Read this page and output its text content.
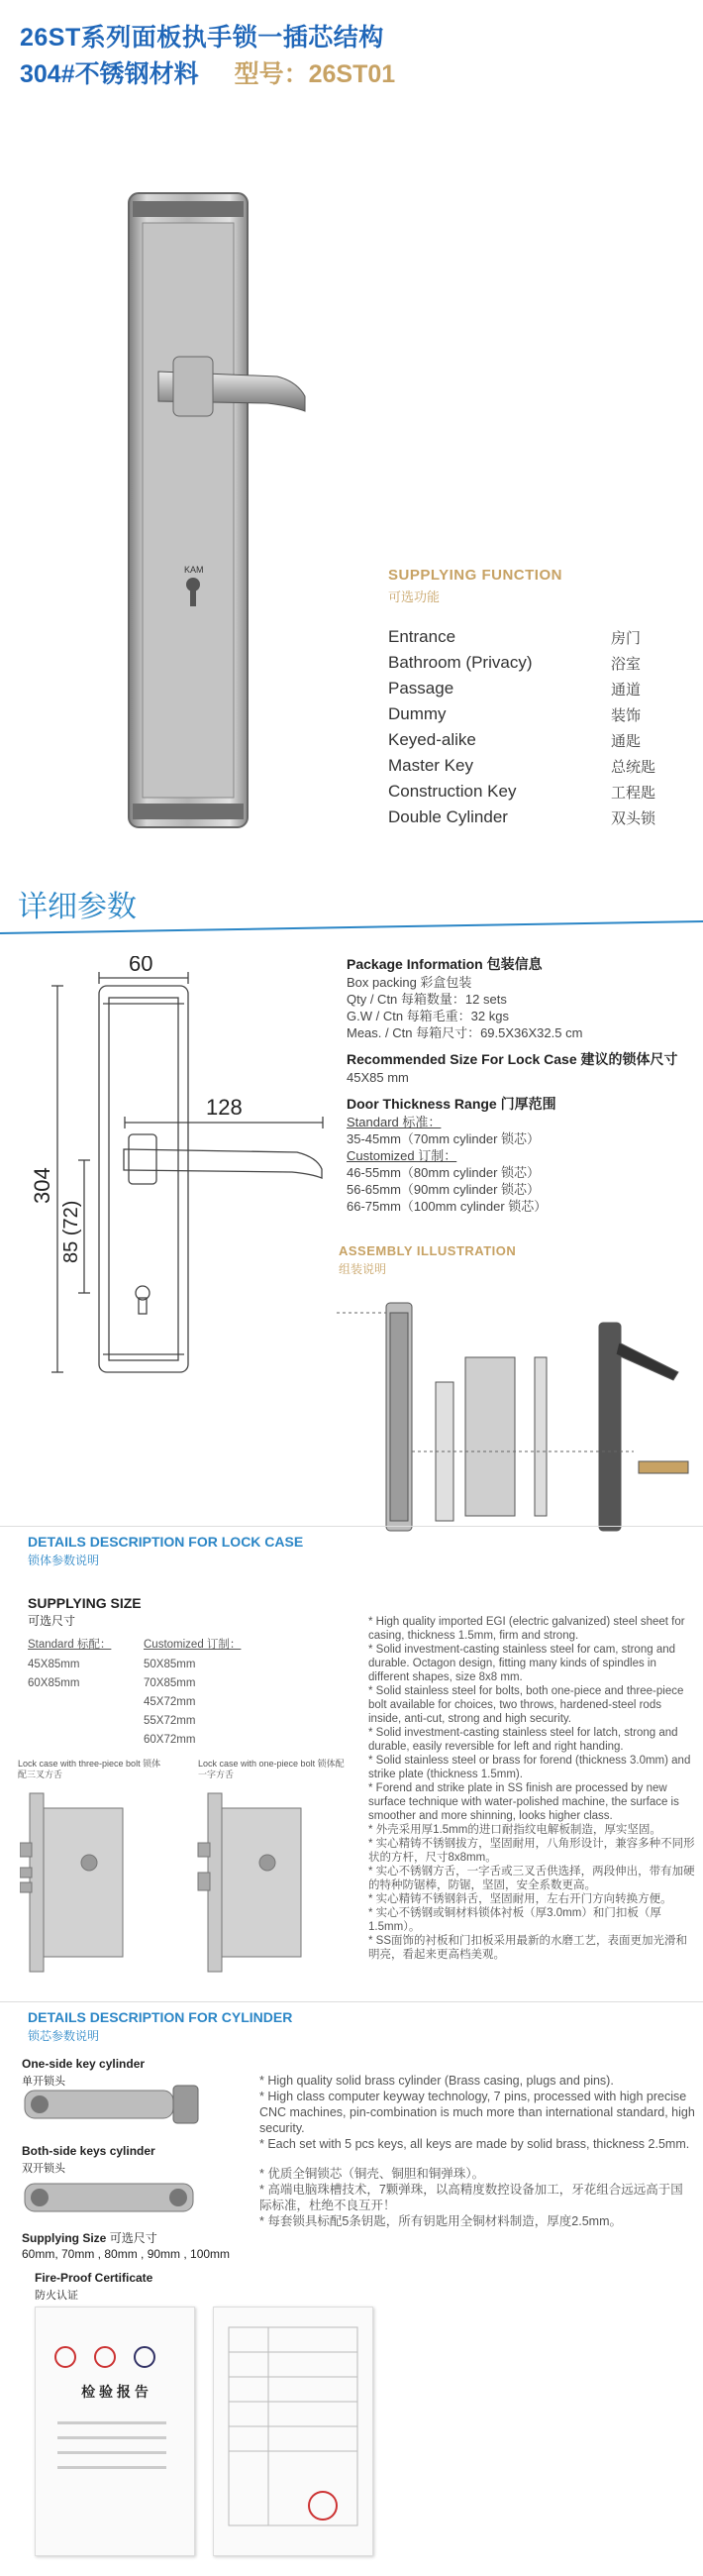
26ST系列面板执手锁一插芯结构
304#不锈钢材料 型号：26ST01
KAM	SUPPLYING FUNCTION
可选功能
Entrance	房门
Bathroom (Privacy)	浴室
Passage	通道
Dummy	装饰
Keyed-alike	通匙
Master Key	总统匙
Construction Key	工程匙
Double Cylinder	双头锁
详细参数
60
128
304
85 (72)

Package Information 包装信息

Box packing 彩盒包装

Qty / Ctn 每箱数量：12 sets

G.W / Ctn 每箱毛重：32 kgs

Meas. / Ctn 每箱尺寸：69.5X36X32.5 cm

Recommended Size For Lock Case 建议的锁体尺寸

45X85 mm

Door Thickness Range 门厚范围

Standard 标准：

35-45mm（70mm cylinder 锁芯）

Customized 订制：

46-55mm（80mm cylinder 锁芯）

56-65mm（90mm cylinder 锁芯）

66-75mm（100mm cylinder 锁芯）

ASSEMBLY ILLUSTRATION
组装说明
DETAILS DESCRIPTION FOR LOCK CASE
锁体参数说明
SUPPLYING SIZE
可选尺寸
Standard 标配：
45X85mm
60X85mm
Customized 订制：
50X85mm
70X85mm
45X72mm
55X72mm
60X72mm
Lock case with three-piece bolt 锁体配三叉方舌
Lock case with one-piece bolt 锁体配一字方舌

* High quality imported EGI (electric galvanized) steel sheet for casing, thickness 1.5mm, firm and strong.

* Solid investment-casting stainless steel for cam, strong and durable. Octagon design, fitting many kinds of spindles in different shapes, size 8x8 mm.

* Solid stainless steel for bolts, both one-piece and three-piece bolt available for choices, two throws, hardened-steel rods inside, anti-cut, strong and high security.

* Solid investment-casting stainless steel for latch, strong and durable, easily reversible for left and right handing.

* Solid stainless steel or brass for forend (thickness 3.0mm) and strike plate (thickness 1.5mm).

* Forend and strike plate in SS finish are processed by new surface technique with water-polished machine, the surface is smoother and more shinning, looks higher class.

* 外壳采用厚1.5mm的进口耐指纹电解板制造，厚实坚固。

* 实心精铸不锈钢拔方，坚固耐用，八角形设计，兼容多种不同形状的方杆，尺寸8x8mm。

* 实心不锈钢方舌，一字舌或三叉舌供选择，两段伸出，带有加硬的特种防锯棒，防锯，坚固，安全系数更高。

* 实心精铸不锈钢斜舌，坚固耐用，左右开门方向转换方便。

* 实心不锈钢或铜材料锁体衬板（厚3.0mm）和门扣板（厚1.5mm）。

* SS面饰的衬板和门扣板采用最新的水磨工艺，表面更加光滑和明亮，看起来更高档美观。

DETAILS DESCRIPTION FOR CYLINDER
锁芯参数说明
One-side key cylinder
单开锁头
Both-side keys cylinder
双开锁头
Supplying Size 可选尺寸
60mm, 70mm , 80mm , 90mm , 100mm

* High quality solid brass cylinder (Brass casing, plugs and pins).

* High class computer keyway technology, 7 pins, processed with high precise CNC machines, pin-combination is much more than international standard, high security.

* Each set with 5 pcs keys, all keys are made by solid brass, thickness 2.5mm.

* 优质全铜锁芯（铜壳、铜胆和铜弹珠）。

* 高端电脑珠槽技术，7颗弹珠，以高精度数控设备加工，牙花组合远远高于国际标准，杜绝不良互开！

* 每套锁具标配5条钥匙，所有钥匙用全铜材料制造，厚度2.5mm。

Fire-Proof Certificate
防火认证
检 验 报 告
